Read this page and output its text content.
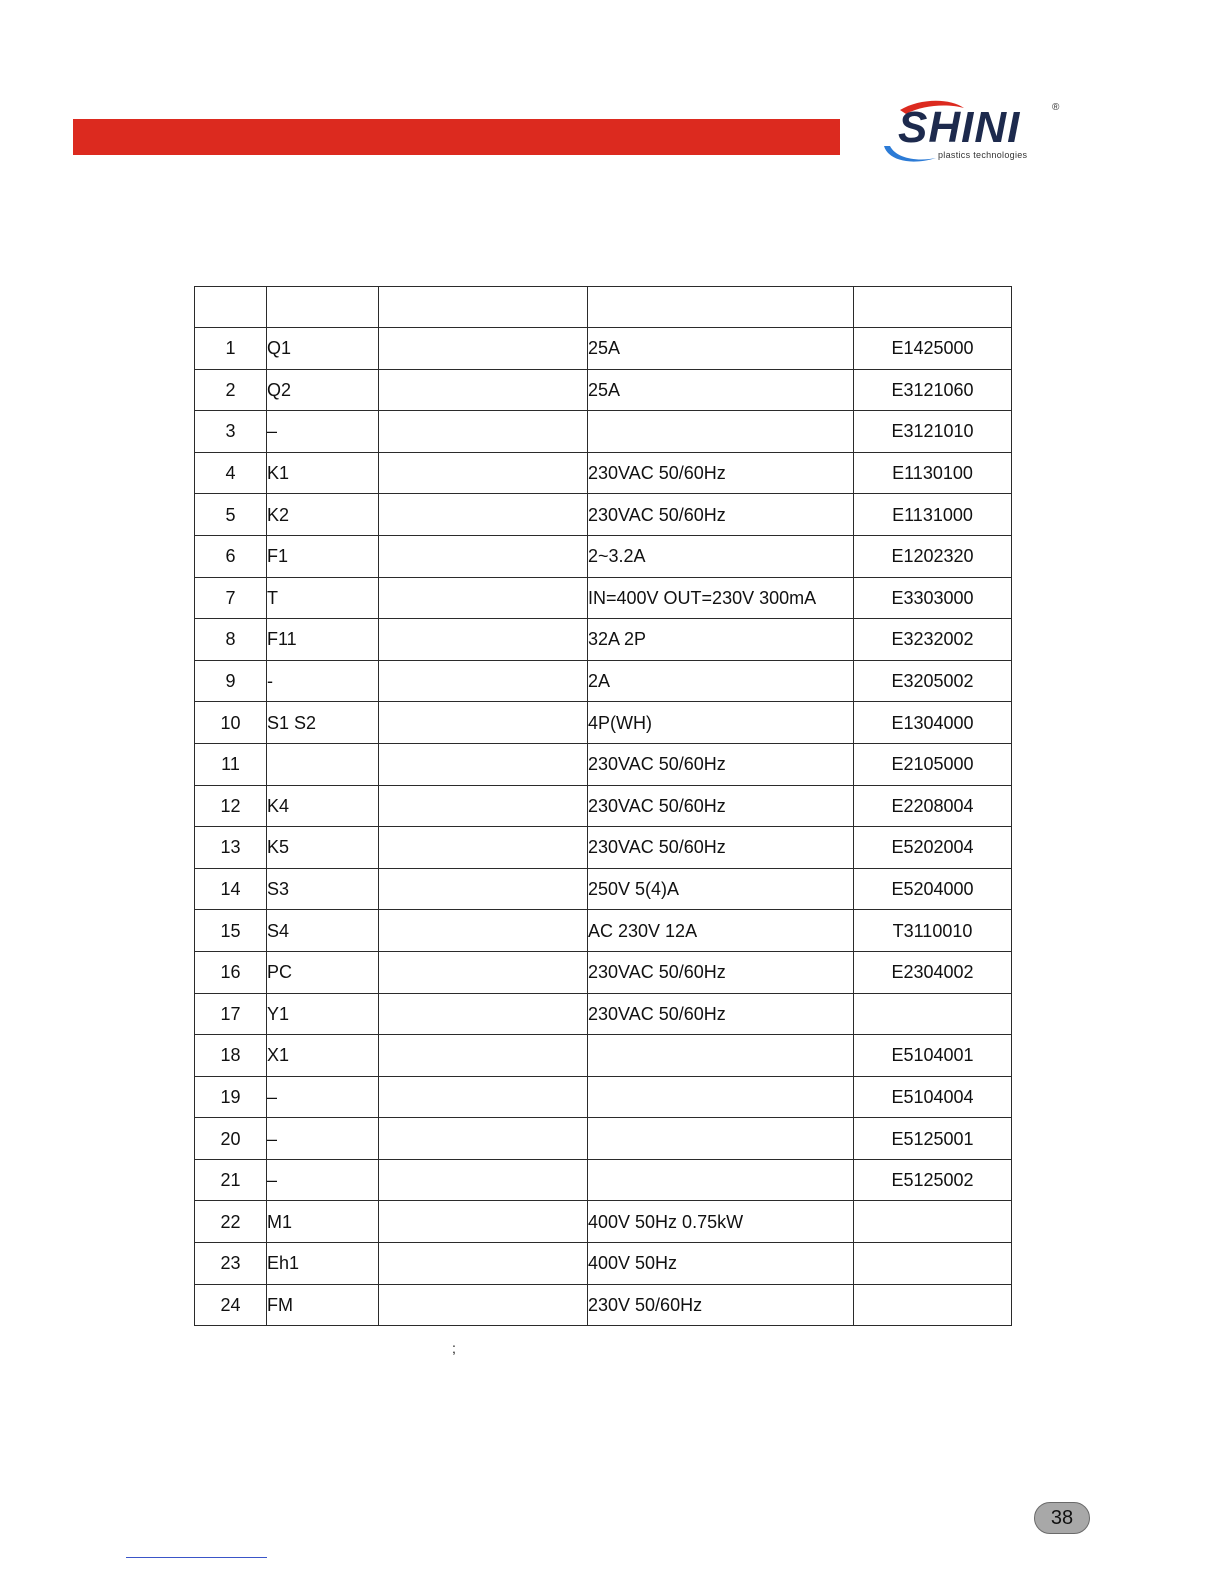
SHINI	®
plastics technologies

1	Q1		25A	E1425000
2	Q2		25A	E3121060
3	–			E3121010
4	K1		230VAC 50/60Hz	E1130100
5	K2		230VAC 50/60Hz	E1131000
6	F1		2~3.2A	E1202320
7	T		IN=400V OUT=230V 300mA	E3303000
8	F11		32A 2P	E3232002
9	-		2A	E3205002
10	S1 S2		4P(WH)	E1304000
11			230VAC 50/60Hz	E2105000
12	K4		230VAC 50/60Hz	E2208004
13	K5		230VAC 50/60Hz	E5202004
14	S3		250V 5(4)A	E5204000
15	S4		AC 230V 12A	T3110010
16	PC		230VAC 50/60Hz	E2304002
17	Y1		230VAC 50/60Hz	
18	X1			E5104001
19	–			E5104004
20	–			E5125001
21	–			E5125002
22	M1		400V 50Hz 0.75kW	
23	Eh1		400V 50Hz	
24	FM		230V 50/60Hz	
;
38
